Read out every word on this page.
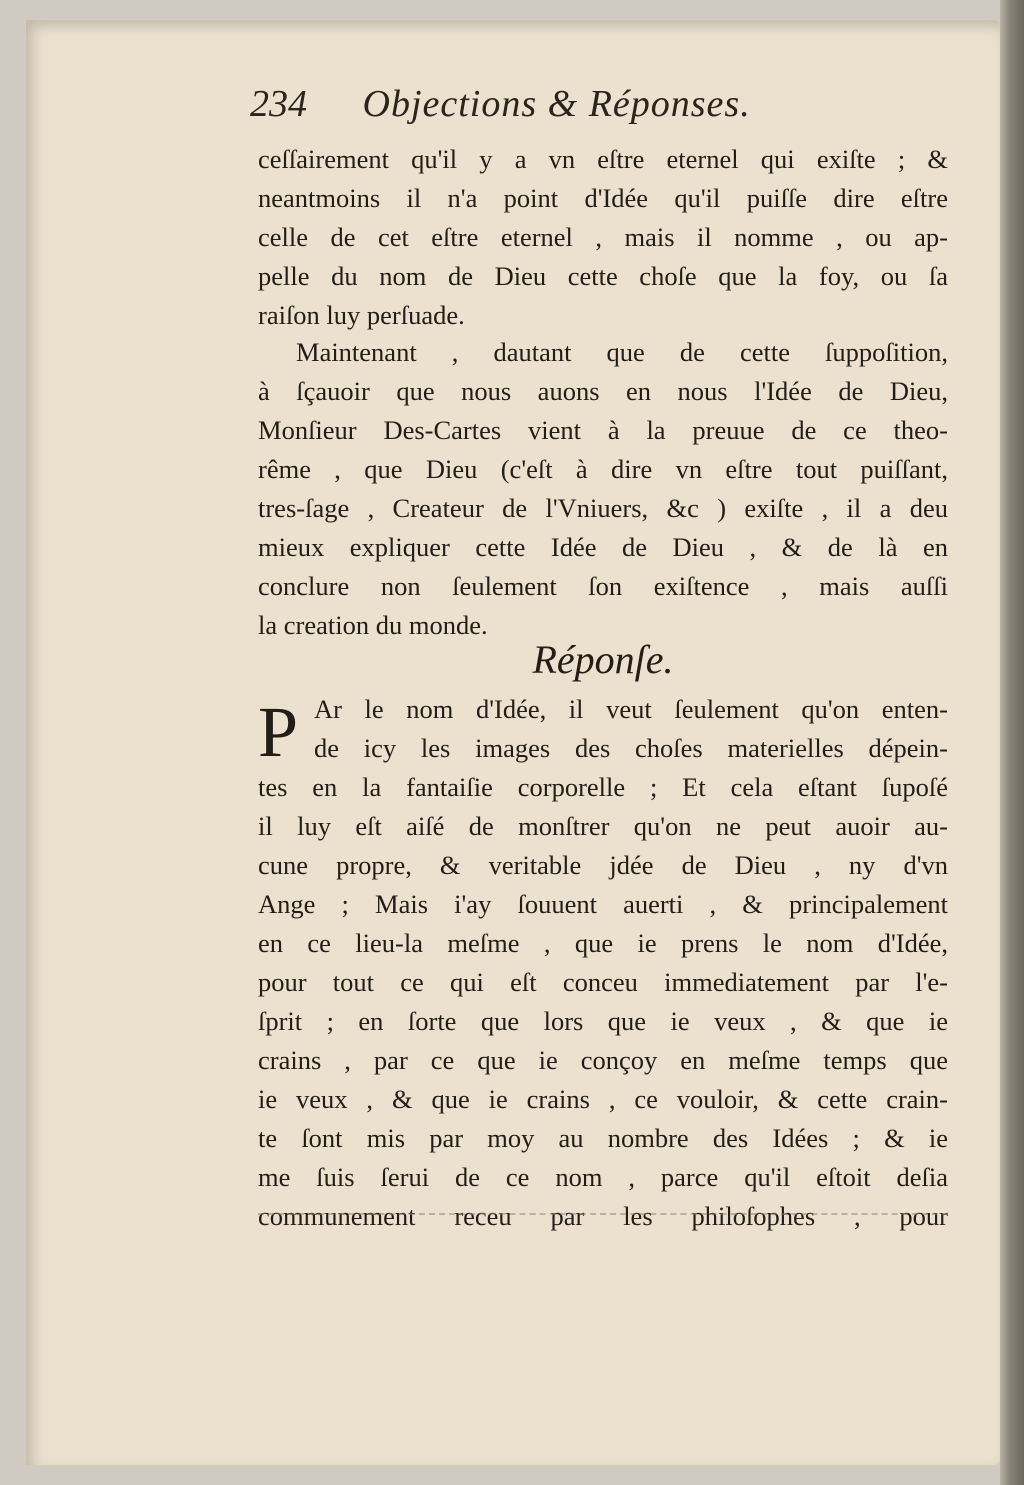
234 Objections & Réponses.
ceſſairement qu'il y a vn eſtre eternel qui exiſte ; &
neantmoins il n'a point d'Idée qu'il puiſſe dire eſtre
celle de cet eſtre eternel , mais il nomme , ou ap-
pelle du nom de Dieu cette choſe que la foy, ou ſa
raiſon luy perſuade.
Maintenant , dautant que de cette ſuppoſition,
à ſçauoir que nous auons en nous l'Idée de Dieu,
Monſieur Des-Cartes vient à la preuue de ce theo-
rême , que Dieu (c'eſt à dire vn eſtre tout puiſſant,
tres-ſage , Createur de l'Vniuers, &c ) exiſte , il a deu
mieux expliquer cette Idée de Dieu , & de là en
conclure non ſeulement ſon exiſtence , mais auſſi
la creation du monde.
Réponſe.
P Ar le nom d'Idée, il veut ſeulement qu'on enten-
de icy les images des choſes materielles dépein-
tes en la fantaiſie corporelle ; Et cela eſtant ſupoſé
il luy eſt aiſé de monſtrer qu'on ne peut auoir au-
cune propre, & veritable jdée de Dieu , ny d'vn
Ange ; Mais i'ay ſouuent auerti , & principalement
en ce lieu-la meſme , que ie prens le nom d'Idée,
pour tout ce qui eſt conceu immediatement par l'e-
ſprit ; en ſorte que lors que ie veux , & que ie
crains , par ce que ie conçoy en meſme temps que
ie veux , & que ie crains , ce vouloir, & cette crain-
te ſont mis par moy au nombre des Idées ; & ie
me ſuis ſerui de ce nom , parce qu'il eſtoit deſia
communement receu par les philoſophes , pour
